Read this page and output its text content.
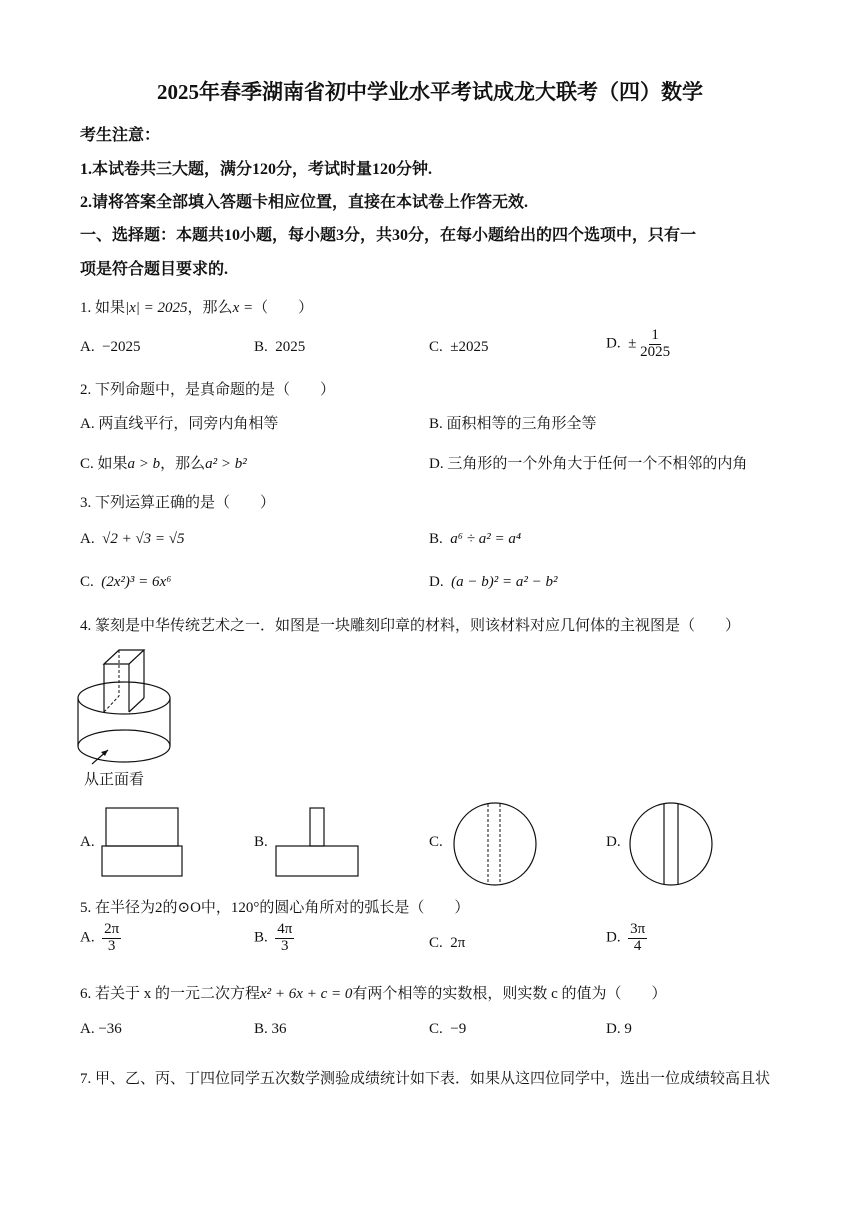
2025年春季湖南省初中学业水平考试成龙大联考（四）数学
考生注意：
1.本试卷共三大题，满分120分，考试时量120分钟.
2.请将答案全部填入答题卡相应位置，直接在本试卷上作答无效.
一、选择题：本题共10小题，每小题3分，共30分，在每小题给出的四个选项中，只有一
项是符合题目要求的.
1. 如果|x| = 2025，那么x =（　　）
A. −2025	B. 2025	C. ±2025	D. ± $\frac{1}{2025}$
2. 下列命题中，是真命题的是（　　）
A. 两直线平行，同旁内角相等	B. 面积相等的三角形全等
C. 如果a > b，那么a² > b²	D. 三角形的一个外角大于任何一个不相邻的内角
3. 下列运算正确的是（　　）
A. √2 + √3 = √5	B. a⁶ ÷ a² = a⁴
C. (2x²)³ = 6x⁶	D. (a − b)² = a² − b²
4. 篆刻是中华传统艺术之一．如图是一块雕刻印章的材料，则该材料对应几何体的主视图是（　　）
从正面看
A.	B.	C.	D.
5. 在半径为2的⊙O中，120°的圆心角所对的弧长是（　　）
A. $\frac{2\pi}{3}$	B. $\frac{4\pi}{3}$	C. 2π	D. $\frac{3\pi}{4}$
6. 若关于 x 的一元二次方程x² + 6x + c = 0有两个相等的实数根，则实数 c 的值为（　　）
A. −36	B. 36	C. −9	D. 9
7. 甲、乙、丙、丁四位同学五次数学测验成绩统计如下表．如果从这四位同学中，选出一位成绩较高且状
